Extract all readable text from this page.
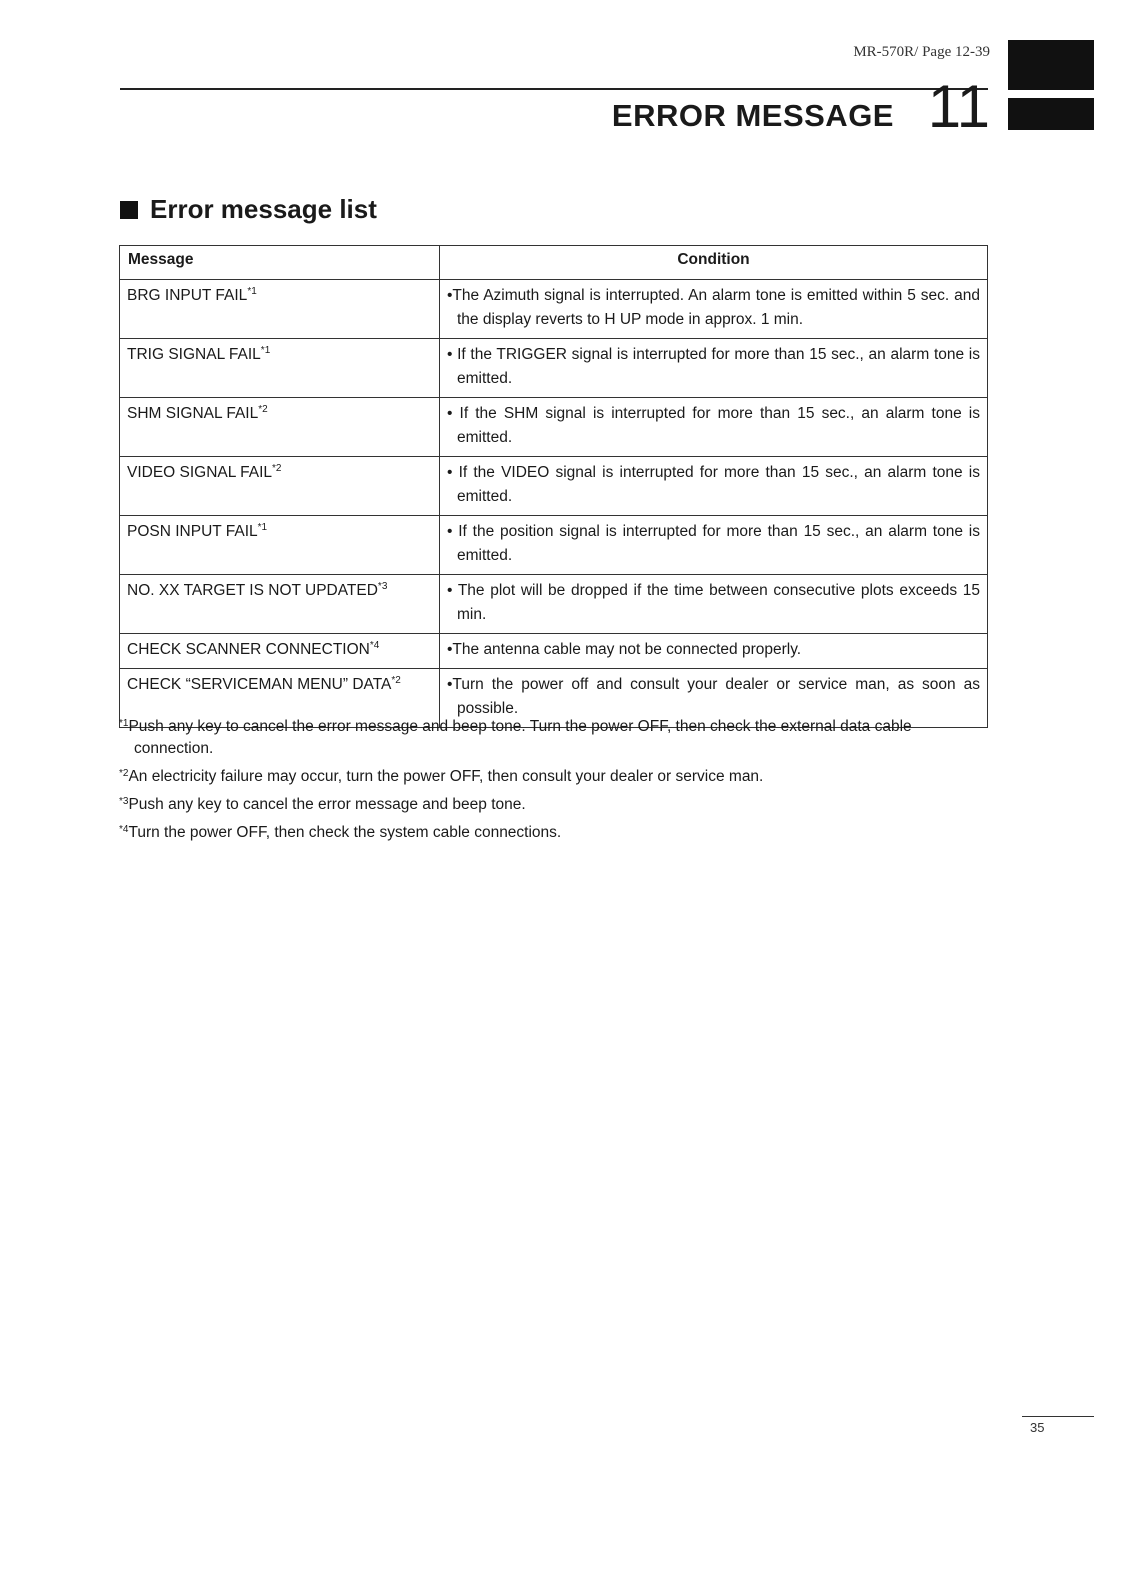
MR-570R/ Page 12-39
ERROR MESSAGE 11
Error message list
Message	Condition
BRG INPUT FAIL$^{*1}$	•The Azimuth signal is interrupted. An alarm tone is emitted within 5 sec. and the display reverts to H UP mode in approx. 1 min.

TRIG SIGNAL FAIL$^{*1}$	• If the TRIGGER signal is interrupted for more than 15 sec., an alarm tone is emitted.

SHM SIGNAL FAIL$^{*2}$	• If the SHM signal is interrupted for more than 15 sec., an alarm tone is emitted.

VIDEO SIGNAL FAIL$^{*2}$	• If the VIDEO signal is interrupted for more than 15 sec., an alarm tone is emitted.

POSN INPUT FAIL$^{*1}$	• If the position signal is interrupted for more than 15 sec., an alarm tone is emitted.

NO. XX TARGET IS NOT UPDATED$^{*3}$	• The plot will be dropped if the time between consecutive plots exceeds 15 min.

CHECK SCANNER CONNECTION$^{*4}$	•The antenna cable may not be connected properly.

CHECK “SERVICEMAN MENU” DATA$^{*2}$	•Turn the power off and consult your dealer or service man, as soon as possible.
$^{*1}$Push any key to cancel the error message and beep tone. Turn the power OFF, then check the external data cable connection.
$^{*2}$An electricity failure may occur, turn the power OFF, then consult your dealer or service man.
$^{*3}$Push any key to cancel the error message and beep tone.
$^{*4}$Turn the power OFF, then check the system cable connections.
35
